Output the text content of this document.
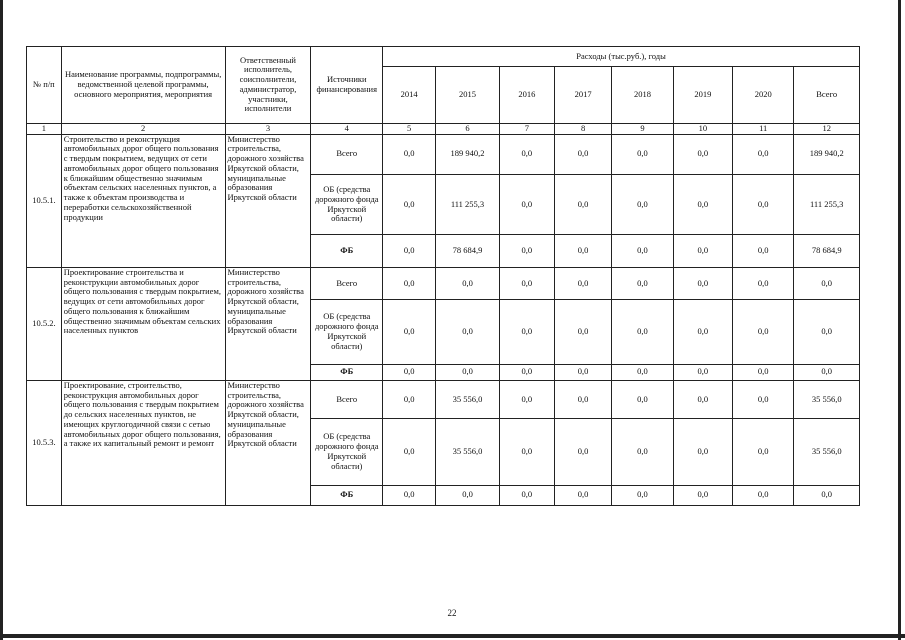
№ п/п	Наименование программы, подпрограммы, ведомственной целевой программы, основного мероприятия, мероприятия	Ответственный исполнитель, соисполнители, администратор, участники, исполнители	Источники финансирования	Расходы (тыс.руб.), годы							
				2014	2015	2016	2017	2018	2019	2020	Всего
1	2	3	4	5	6	7	8	9	10	11	12
10.5.1.	Строительство и реконструкция автомобильных дорог общего пользования с твердым покрытием, ведущих от сети автомобильных дорог общего пользования к ближайшим общественно значимым объектам сельских населенных пунктов, а также к объектам производства и переработки сельскохозяйственной продукции	Министерство строительства, дорожного хозяйства Иркутской области, муниципальные образования Иркутской области	Всего	0,0	189 940,2	0,0	0,0	0,0	0,0	0,0	189 940,2
			ОБ (средства дорожного фонда Иркутской области)	0,0	111 255,3	0,0	0,0	0,0	0,0	0,0	111 255,3
			ФБ	0,0	78 684,9	0,0	0,0	0,0	0,0	0,0	78 684,9
10.5.2.	Проектирование строительства и реконструкции автомобильных дорог общего пользования с твердым покрытием, ведущих от сети автомобильных дорог общего пользования к ближайшим общественно значимым объектам сельских населенных пунктов	Министерство строительства, дорожного хозяйства Иркутской области, муниципальные образования Иркутской области	Всего	0,0	0,0	0,0	0,0	0,0	0,0	0,0	0,0
			ОБ (средства дорожного фонда Иркутской области)	0,0	0,0	0,0	0,0	0,0	0,0	0,0	0,0
			ФБ	0,0	0,0	0,0	0,0	0,0	0,0	0,0	0,0
10.5.3.	Проектирование, строительство, реконструкция автомобильных дорог общего пользования с твердым покрытием до сельских населенных пунктов, не имеющих круглогодичной связи с сетью автомобильных дорог общего пользования, а также их капитальный ремонт и ремонт	Министерство строительства, дорожного хозяйства Иркутской области, муниципальные образования Иркутской области	Всего	0,0	35 556,0	0,0	0,0	0,0	0,0	0,0	35 556,0
			ОБ (средства дорожного фонда Иркутской области)	0,0	35 556,0	0,0	0,0	0,0	0,0	0,0	35 556,0
			ФБ	0,0	0,0	0,0	0,0	0,0	0,0	0,0	0,0
22
